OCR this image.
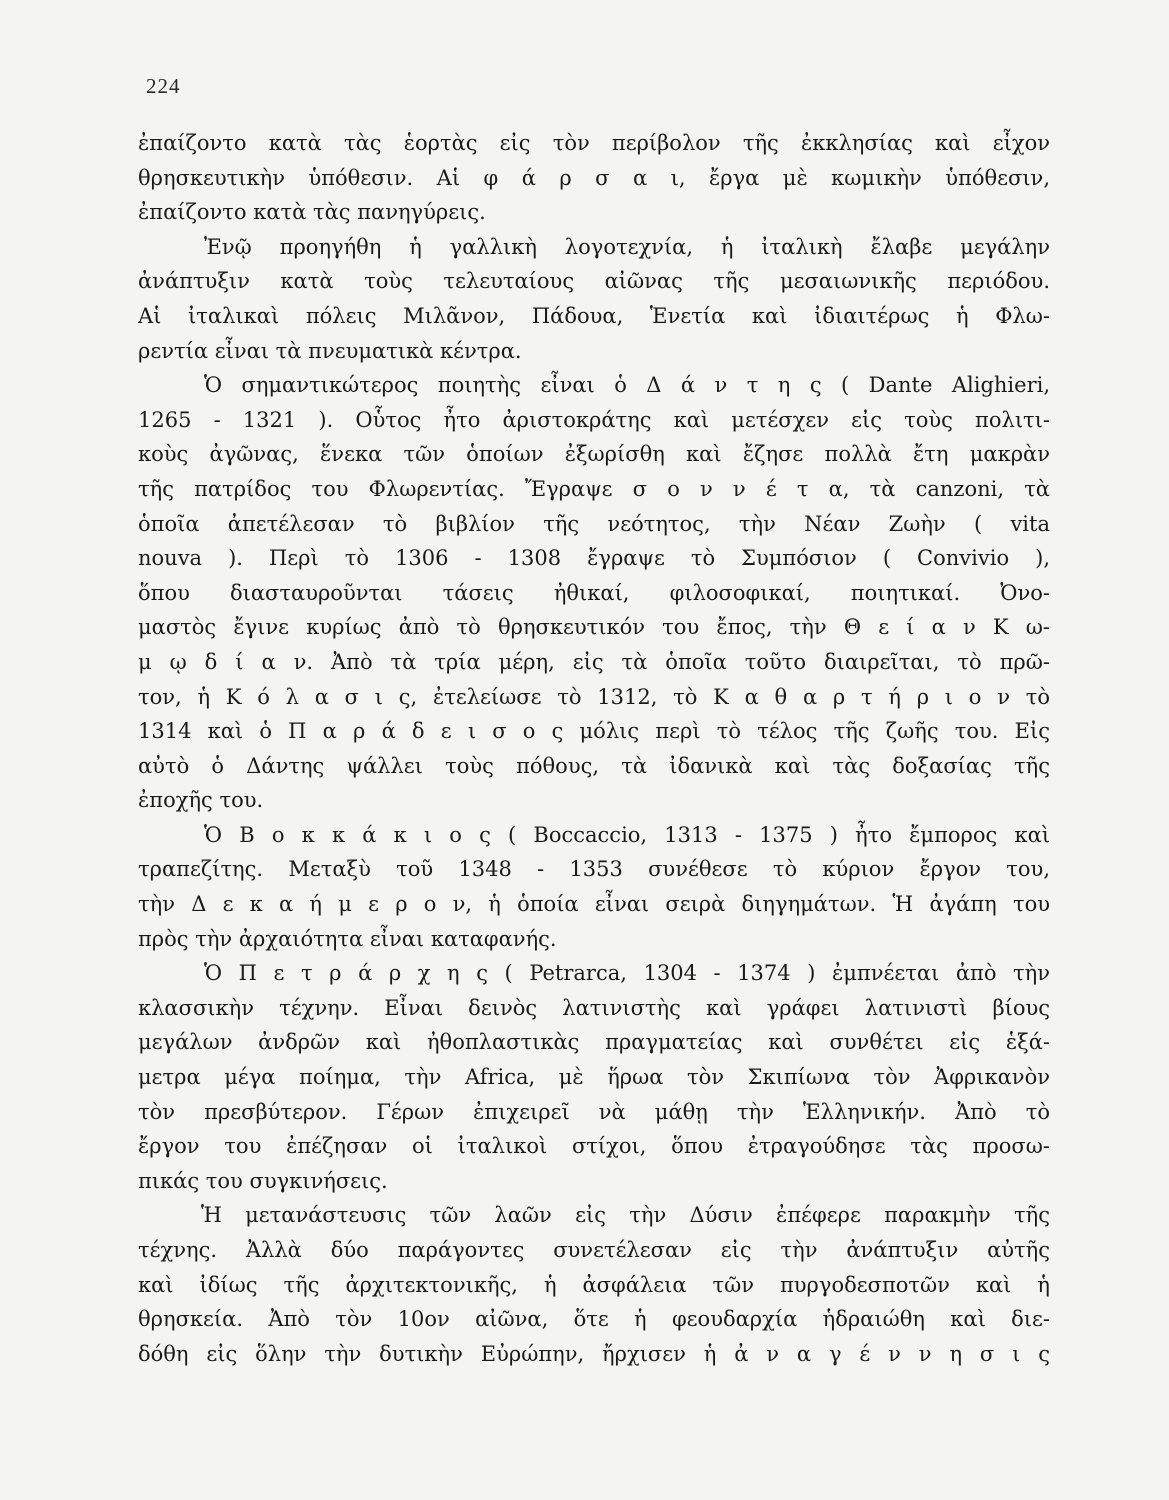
224
ἐπαίζοντο κατὰ τὰς ἑορτὰς εἰς τὸν περίβολον τῆς ἐκκλησίας καὶ εἶχον
θρησκευτικὴν ὑπόθεσιν. Αἱ φ ά ρ σ α ι, ἔργα μὲ κωμικὴν ὑπόθεσιν,
ἐπαίζοντο κατὰ τὰς πανηγύρεις.
Ἐνῷ προηγήθη ἡ γαλλικὴ λογοτεχνία, ἡ ἰταλικὴ ἔλαβε μεγάλην
ἀνάπτυξιν κατὰ τοὺς τελευταίους αἰῶνας τῆς μεσαιωνικῆς περιόδου.
Αἱ ἰταλικαὶ πόλεις Μιλᾶνον, Πάδουα, Ἑνετία καὶ ἰδιαιτέρως ἡ Φλω-
ρεντία εἶναι τὰ πνευματικὰ κέντρα.
Ὁ σημαντικώτερος ποιητὴς εἶναι ὁ Δ ά ν τ η ς ( Dante Alighieri,
1265 - 1321 ). Οὗτος ἦτο ἀριστοκράτης καὶ μετέσχεν εἰς τοὺς πολιτι-
κοὺς ἀγῶνας, ἕνεκα τῶν ὁποίων ἐξωρίσθη καὶ ἔζησε πολλὰ ἔτη μακρὰν
τῆς πατρίδος του Φλωρεντίας. Ἔγραψε σ ο ν ν έ τ α, τὰ canzoni, τὰ
ὁποῖα ἀπετέλεσαν τὸ βιβλίον τῆς νεότητος, τὴν Νέαν Ζωὴν ( vita
nouva ). Περὶ τὸ 1306 - 1308 ἔγραψε τὸ Συμπόσιον ( Convivio ),
ὅπου διασταυροῦνται τάσεις ἠθικαί, φιλοσοφικαί, ποιητικαί. Ὀνο-
μαστὸς ἔγινε κυρίως ἀπὸ τὸ θρησκευτικόν του ἔπος, τὴν Θ ε ί α ν Κ ω-
μ ῳ δ ί α ν. Ἀπὸ τὰ τρία μέρη, εἰς τὰ ὁποῖα τοῦτο διαιρεῖται, τὸ πρῶ-
τον, ἡ Κ ό λ α σ ι ς, ἐτελείωσε τὸ 1312, τὸ Κ α θ α ρ τ ή ρ ι ο ν τὸ
1314 καὶ ὁ Π α ρ ά δ ε ι σ ο ς μόλις περὶ τὸ τέλος τῆς ζωῆς του. Εἰς
αὐτὸ ὁ Δάντης ψάλλει τοὺς πόθους, τὰ ἰδανικὰ καὶ τὰς δοξασίας τῆς
ἐποχῆς του.
Ὁ Β ο κ κ ά κ ι ο ς ( Boccaccio, 1313 - 1375 ) ἦτο ἔμπορος καὶ
τραπεζίτης. Μεταξὺ τοῦ 1348 - 1353 συνέθεσε τὸ κύριον ἔργον του,
τὴν Δ ε κ α ή μ ε ρ ο ν, ἡ ὁποία εἶναι σειρὰ διηγημάτων. Ἡ ἀγάπη του
πρὸς τὴν ἀρχαιότητα εἶναι καταφανής.
Ὁ Π ε τ ρ ά ρ χ η ς ( Petrarca, 1304 - 1374 ) ἐμπνέεται ἀπὸ τὴν
κλασσικὴν τέχνην. Εἶναι δεινὸς λατινιστὴς καὶ γράφει λατινιστὶ βίους
μεγάλων ἀνδρῶν καὶ ἠθοπλαστικὰς πραγματείας καὶ συνθέτει εἰς ἑξά-
μετρα μέγα ποίημα, τὴν Africa, μὲ ἥρωα τὸν Σκιπίωνα τὸν Ἀφρικανὸν
τὸν πρεσβύτερον. Γέρων ἐπιχειρεῖ νὰ μάθῃ τὴν Ἑλληνικήν. Ἀπὸ τὸ
ἔργον του ἐπέζησαν οἱ ἰταλικοὶ στίχοι, ὅπου ἐτραγούδησε τὰς προσω-
πικάς του συγκινήσεις.
Ἡ μετανάστευσις τῶν λαῶν εἰς τὴν Δύσιν ἐπέφερε παρακμὴν τῆς
τέχνης. Ἀλλὰ δύο παράγοντες συνετέλεσαν εἰς τὴν ἀνάπτυξιν αὐτῆς
καὶ ἰδίως τῆς ἀρχιτεκτονικῆς, ἡ ἀσφάλεια τῶν πυργοδεσποτῶν καὶ ἡ
θρησκεία. Ἀπὸ τὸν 10ον αἰῶνα, ὅτε ἡ φεουδαρχία ἡδραιώθη καὶ διε-
δόθη εἰς ὅλην τὴν δυτικὴν Εὐρώπην, ἤρχισεν ἡ ἀ ν α γ έ ν ν η σ ι ς
